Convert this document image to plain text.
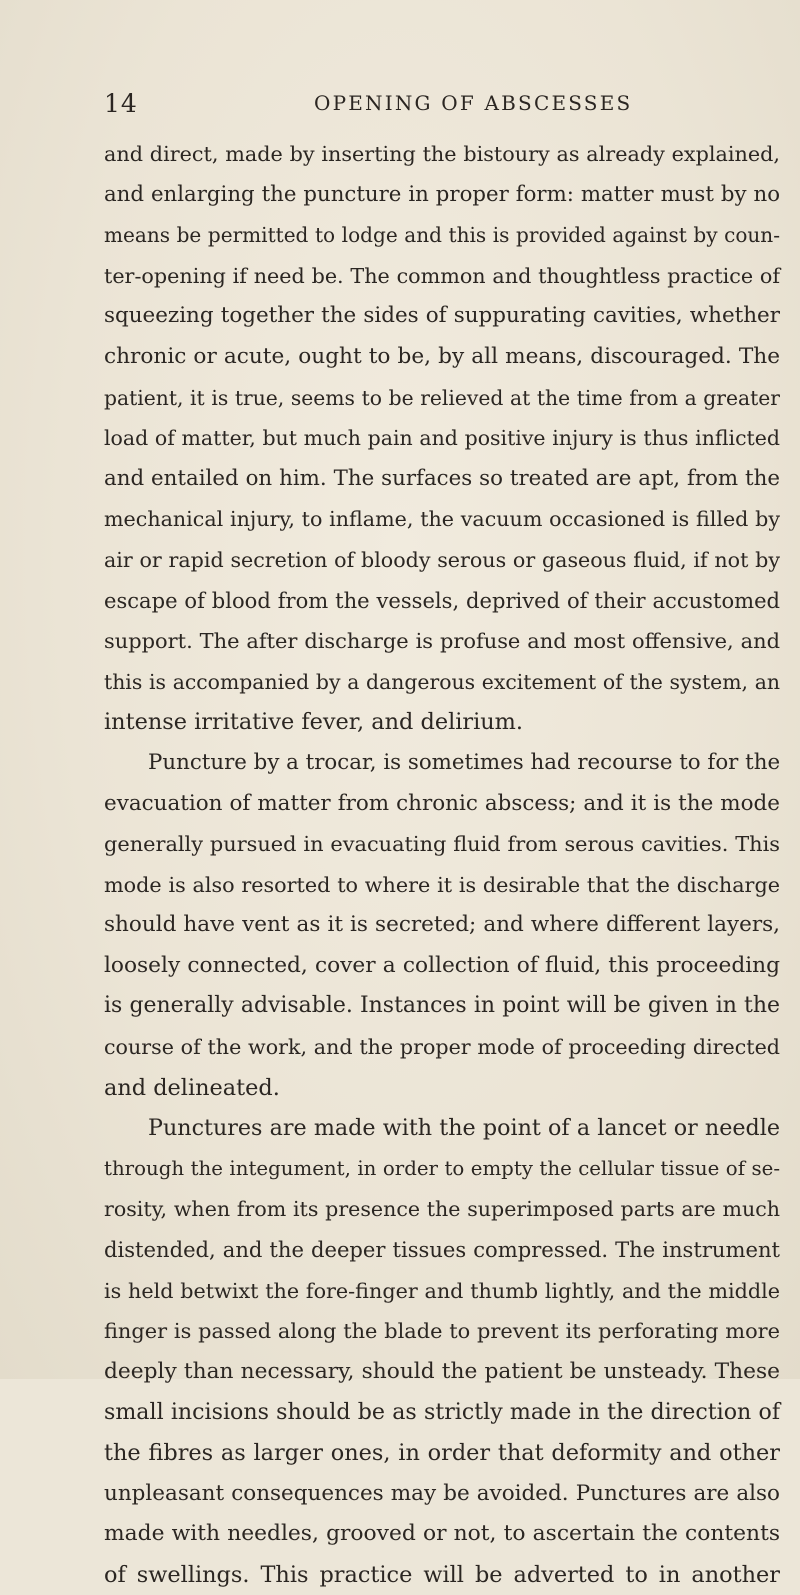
14	OPENING OF ABSCESSES
and direct, made by inserting the bistoury as already explained,
and enlarging the puncture in proper form: matter must by no
means be permitted to lodge and this is provided against by coun-
ter-opening if need be. The common and thoughtless practice of
squeezing together the sides of suppurating cavities, whether
chronic or acute, ought to be, by all means, discouraged. The
patient, it is true, seems to be relieved at the time from a greater
load of matter, but much pain and positive injury is thus inflicted
and entailed on him. The surfaces so treated are apt, from the
mechanical injury, to inflame, the vacuum occasioned is filled by
air or rapid secretion of bloody serous or gaseous fluid, if not by
escape of blood from the vessels, deprived of their accustomed
support. The after discharge is profuse and most offensive, and
this is accompanied by a dangerous excitement of the system, an
intense irritative fever, and delirium.
Puncture by a trocar, is sometimes had recourse to for the
evacuation of matter from chronic abscess; and it is the mode
generally pursued in evacuating fluid from serous cavities. This
mode is also resorted to where it is desirable that the discharge
should have vent as it is secreted; and where different layers,
loosely connected, cover a collection of fluid, this proceeding
is generally advisable. Instances in point will be given in the
course of the work, and the proper mode of proceeding directed
and delineated.
Punctures are made with the point of a lancet or needle
through the integument, in order to empty the cellular tissue of se-
rosity, when from its presence the superimposed parts are much
distended, and the deeper tissues compressed. The instrument
is held betwixt the fore-finger and thumb lightly, and the middle
finger is passed along the blade to prevent its perforating more
deeply than necessary, should the patient be unsteady. These
small incisions should be as strictly made in the direction of
the fibres as larger ones, in order that deformity and other
unpleasant consequences may be avoided. Punctures are also
made with needles, grooved or not, to ascertain the contents
of swellings. This practice will be adverted to in another
